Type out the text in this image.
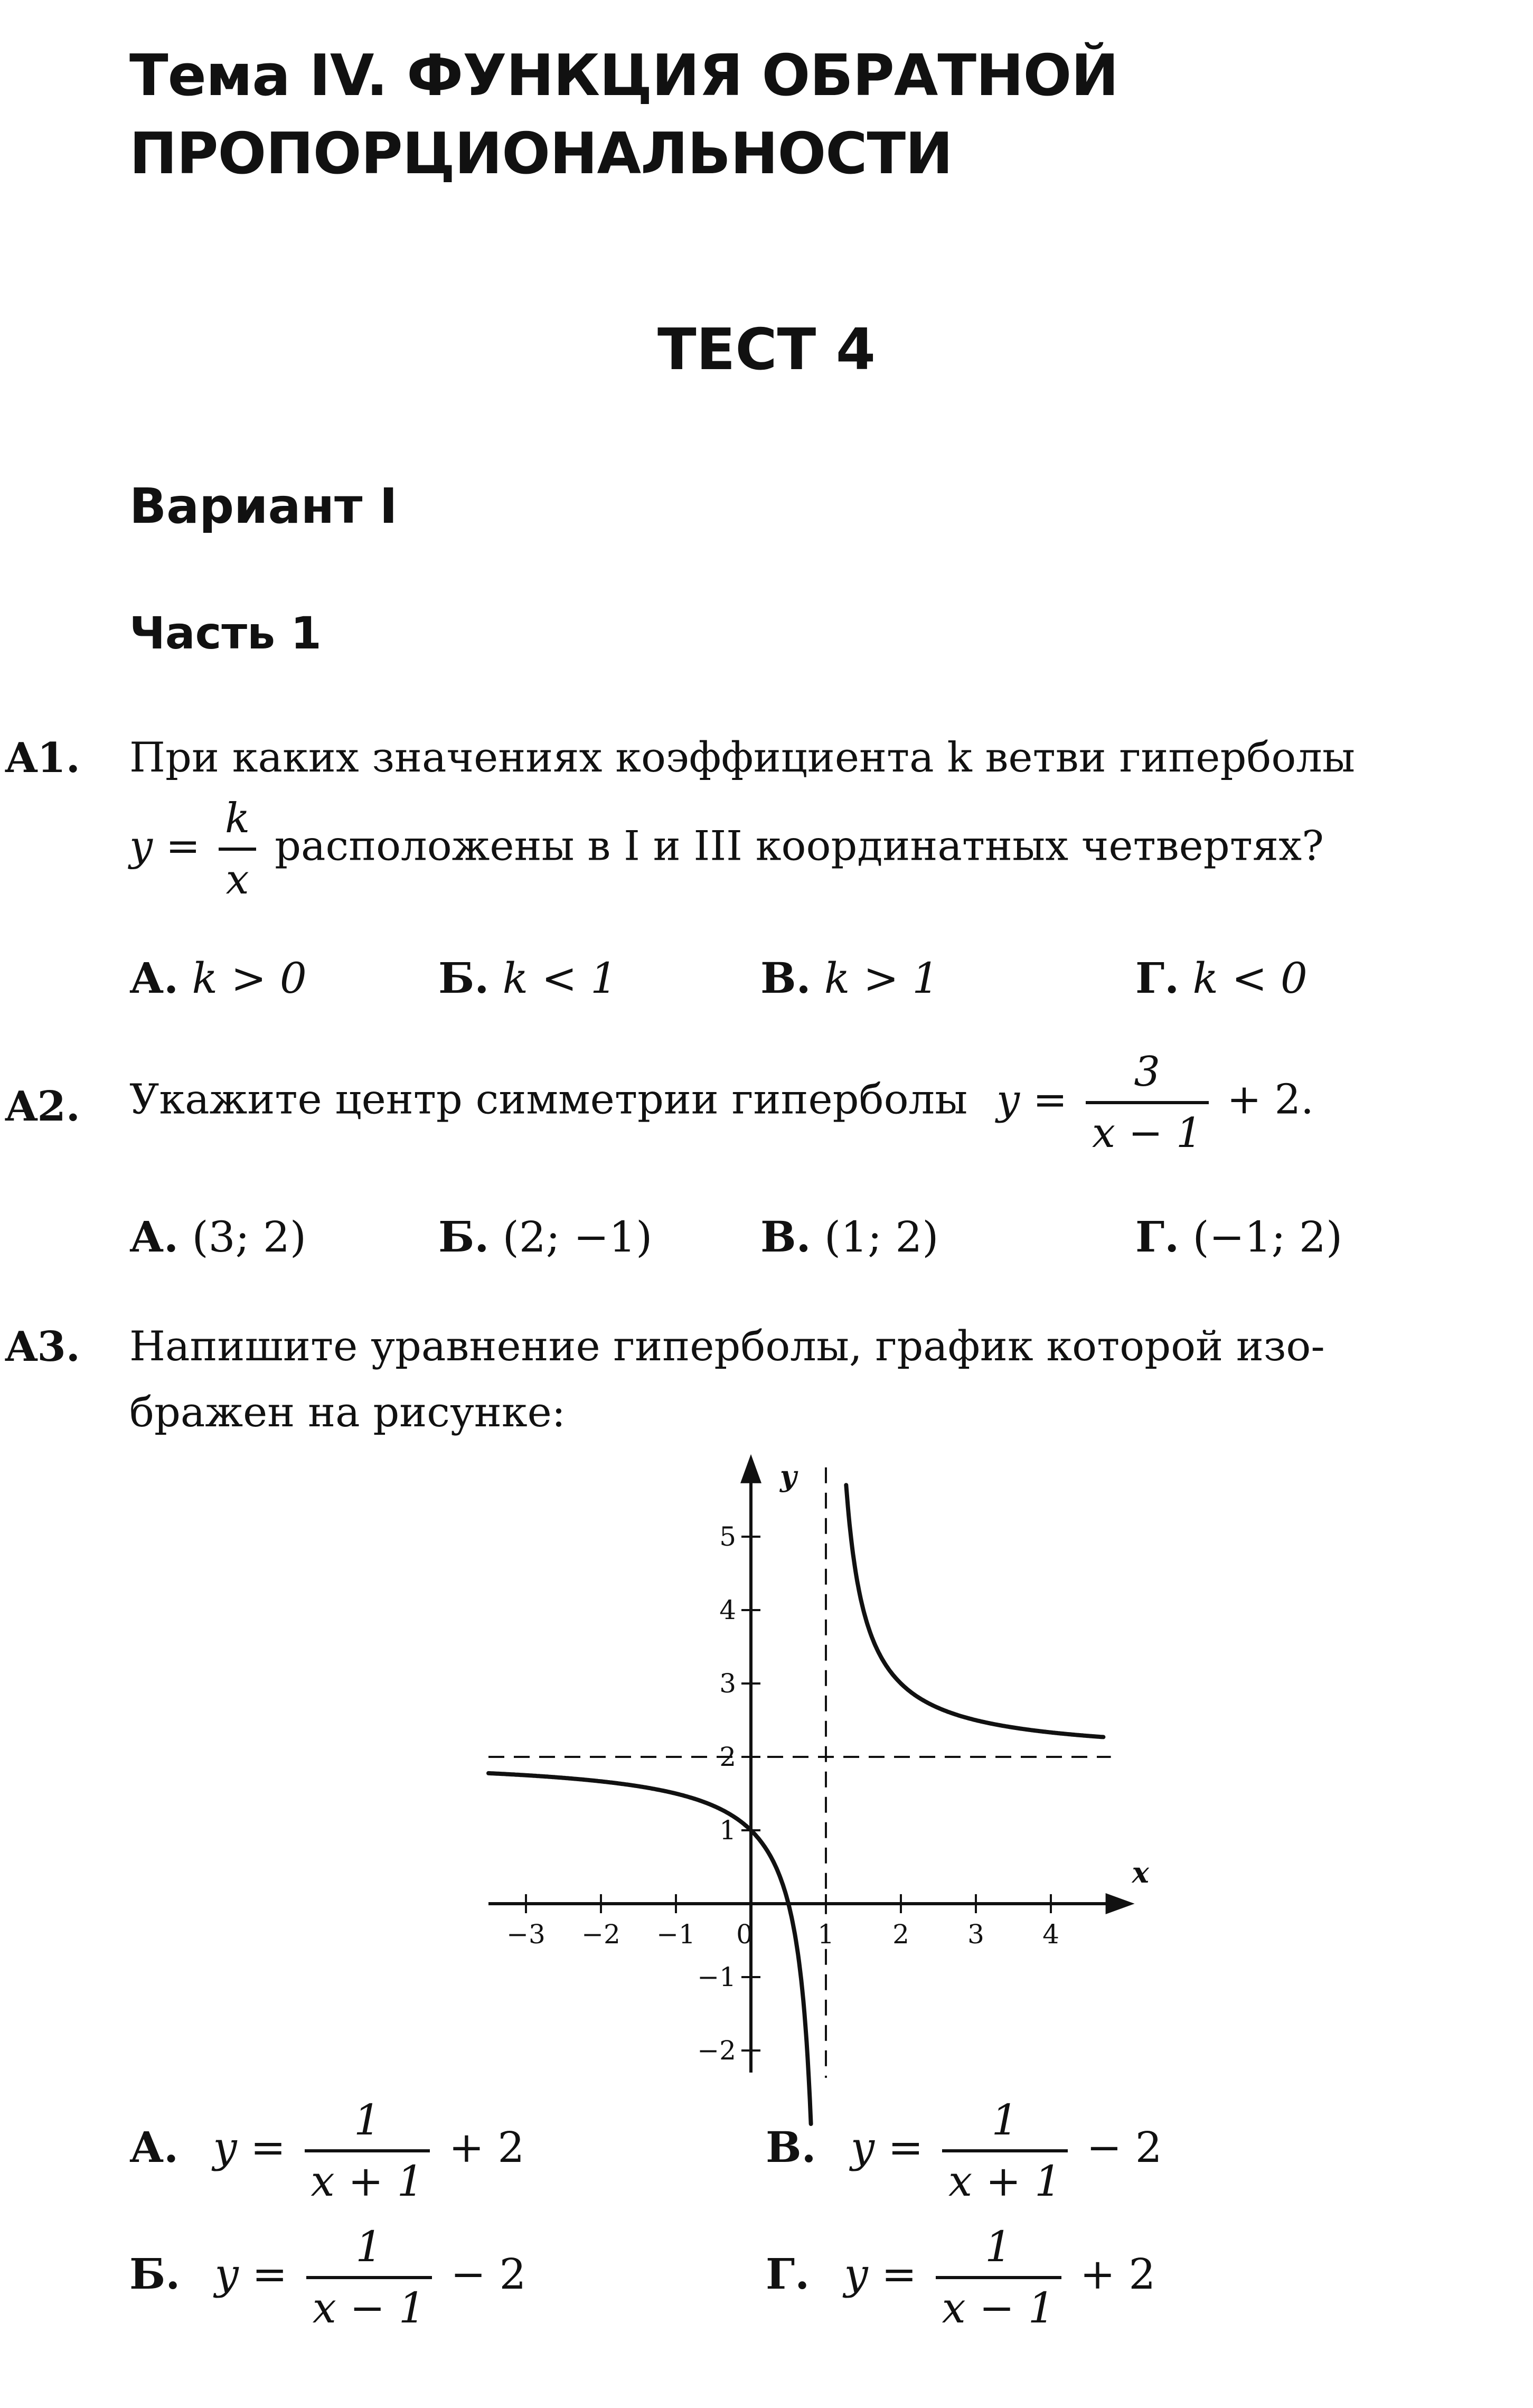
Тема IV. ФУНКЦИЯ ОБРАТНОЙ
ПРОПОРЦИОНАЛЬНОСТИ
ТЕСТ 4
Вариант I
Часть 1
A1. При каких значениях коэффициента k ветви гиперболы
$y = \frac{k}{x}$ расположены в I и III координатных четвертях?
А. k > 0	Б. k < 1	В. k > 1	Г. k < 0
A2. Укажите центр симметрии гиперболы $y = \frac{3}{x - 1} + 2$.
А. (3; 2)	Б. (2; −1)	В. (1; 2)	Г. (−1; 2)
A3. Напишите уравнение гиперболы, график которой изо-
бражен на рисунке:
−3 −2 −1 0 1 2 3 4
−2
−1
1
2
3
4
5
x
y
А. $y = \frac{1}{x + 1} + 2$	В. $y = \frac{1}{x + 1} - 2$
Б. $y = \frac{1}{x - 1} - 2$	Г. $y = \frac{1}{x - 1} + 2$
